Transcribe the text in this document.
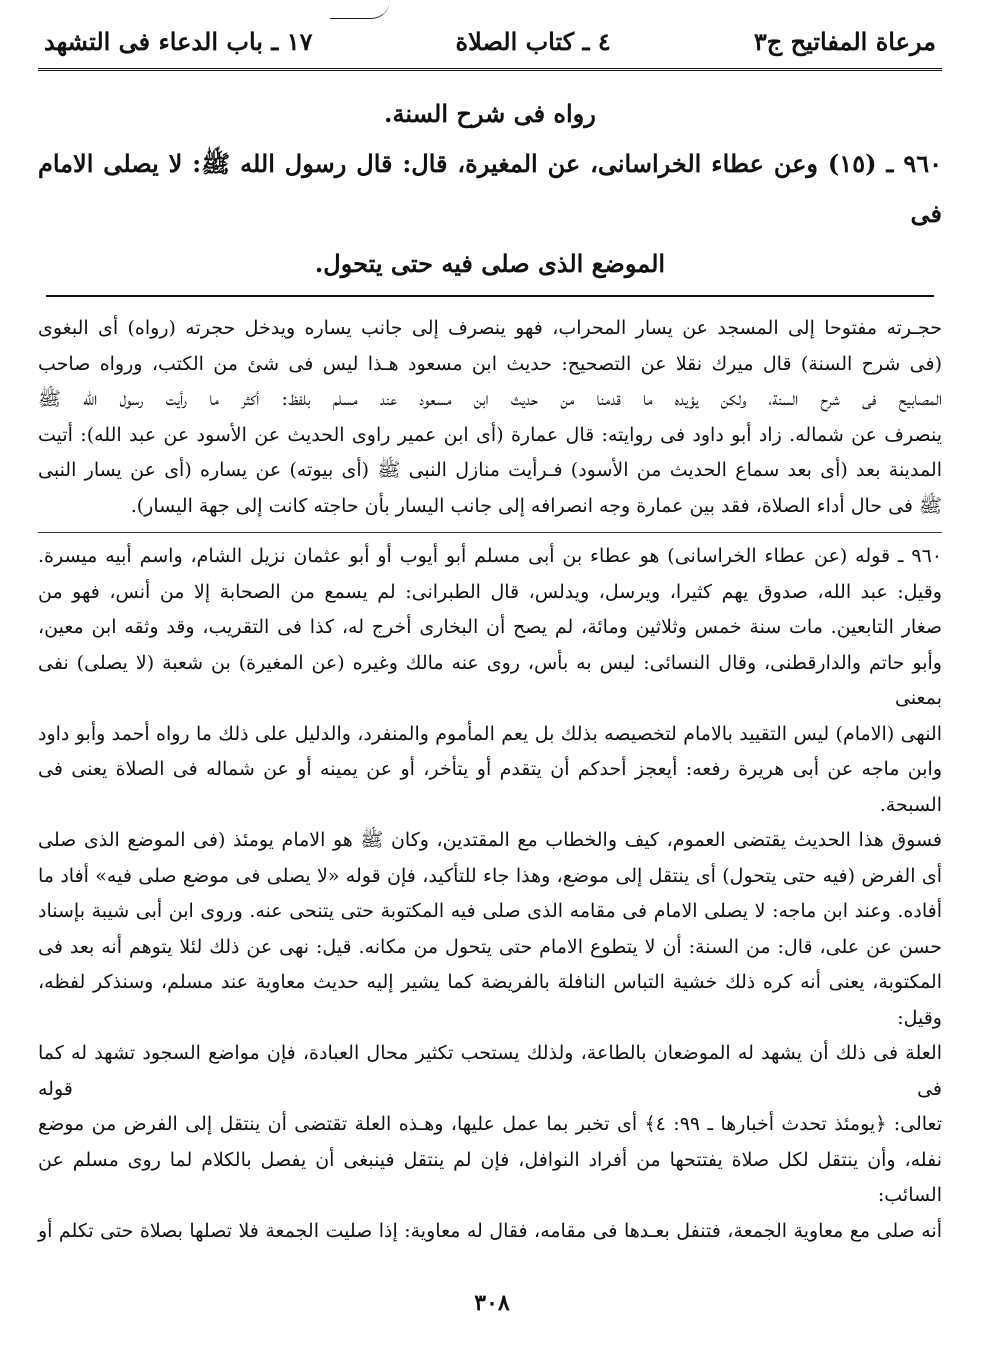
مرعاة المفاتيح ج٣
٤ ـ كتاب الصلاة
١٧ ـ باب الدعاء فى التشهد

رواه فى شرح السنة.

٩٦٠ ـ (١٥) وعن عطاء الخراسانى، عن المغيرة، قال: قال رسول الله ﷺ: لا يصلى الامام فى

الموضع الذى صلى فيه حتى يتحول.

حجـرته مفتوحا إلى المسجد عن يسار المحراب، فهو ينصرف إلى جانب يساره ويدخل حجرته (رواه) أى البغوى

(فى شرح السنة) قال ميرك نقلا عن التصحيح: حديث ابن مسعود هـذا ليس فى شئ من الكتب، ورواه صاحب

المصابيح فى شرح السنة، ولكن يؤيده ما قدمنا من حديث ابن مسعود عند مسلم بلفظ: أكثر ما رأيت رسول الله ﷺ

ينصرف عن شماله. زاد أبو داود فى روايته: قال عمارة (أى ابن عمير راوى الحديث عن الأسود عن عبد الله): أتيت

المدينة بعد (أى بعد سماع الحديث من الأسود) فـرأيت منازل النبى ﷺ (أى بيوته) عن يساره (أى عن يسار النبى

ﷺ فى حال أداء الصلاة، فقد بين عمارة وجه انصرافه إلى جانب اليسار بأن حاجته كانت إلى جهة اليسار).

٩٦٠ ـ قوله (عن عطاء الخراسانى) هو عطاء بن أبى مسلم أبو أيوب أو أبو عثمان نزيل الشام، واسم أبيه ميسرة.

وقيل: عبد الله، صدوق يهم كثيرا، ويرسل، ويدلس، قال الطبرانى: لم يسمع من الصحابة إلا من أنس، فهو من

صغار التابعين. مات سنة خمس وثلاثين ومائة، لم يصح أن البخارى أخرج له، كذا فى التقريب، وقد وثقه ابن معين،

وأبو حاتم والدارقطنى، وقال النسائى: ليس به بأس، روى عنه مالك وغيره (عن المغيرة) بن شعبة (لا يصلى) نفى بمعنى

النهى (الامام) ليس التقييد بالامام لتخصيصه بذلك بل يعم المأموم والمنفرد، والدليل على ذلك ما رواه أحمد وأبو داود

وابن ماجه عن أبى هريرة رفعه: أيعجز أحدكم أن يتقدم أو يتأخر، أو عن يمينه أو عن شماله فى الصلاة يعنى فى السبحة.

فسوق هذا الحديث يقتضى العموم، كيف والخطاب مع المقتدين، وكان ﷺ هو الامام يومئذ (فى الموضع الذى صلى

أى الفرض (فيه حتى يتحول) أى ينتقل إلى موضع، وهذا جاء للتأكيد، فإن قوله «لا يصلى فى موضع صلى فيه» أفاد ما

أفاده. وعند ابن ماجه: لا يصلى الامام فى مقامه الذى صلى فيه المكتوبة حتى يتنحى عنه. وروى ابن أبى شيبة بإسناد

حسن عن على، قال: من السنة: أن لا يتطوع الامام حتى يتحول من مكانه. قيل: نهى عن ذلك لئلا يتوهم أنه بعد فى

المكتوبة، يعنى أنه كره ذلك خشية التباس النافلة بالفريضة كما يشير إليه حديث معاوية عند مسلم، وسنذكر لفظه، وقيل:

العلة فى ذلك أن يشهد له الموضعان بالطاعة، ولذلك يستحب تكثير محال العبادة، فإن مواضع السجود تشهد له كما فى قوله

تعالى: ﴿يومئذ تحدث أخبارها ـ ٩٩: ٤﴾ أى تخبر بما عمل عليها، وهـذه العلة تقتضى أن ينتقل إلى الفرض من موضع

نفله، وأن ينتقل لكل صلاة يفتتحها من أفراد النوافل، فإن لم ينتقل فينبغى أن يفصل بالكلام لما روى مسلم عن السائب:

أنه صلى مع معاوية الجمعة، فتنفل بعـدها فى مقامه، فقال له معاوية: إذا صليت الجمعة فلا تصلها بصلاة حتى تكلم أو

٣٠٨
